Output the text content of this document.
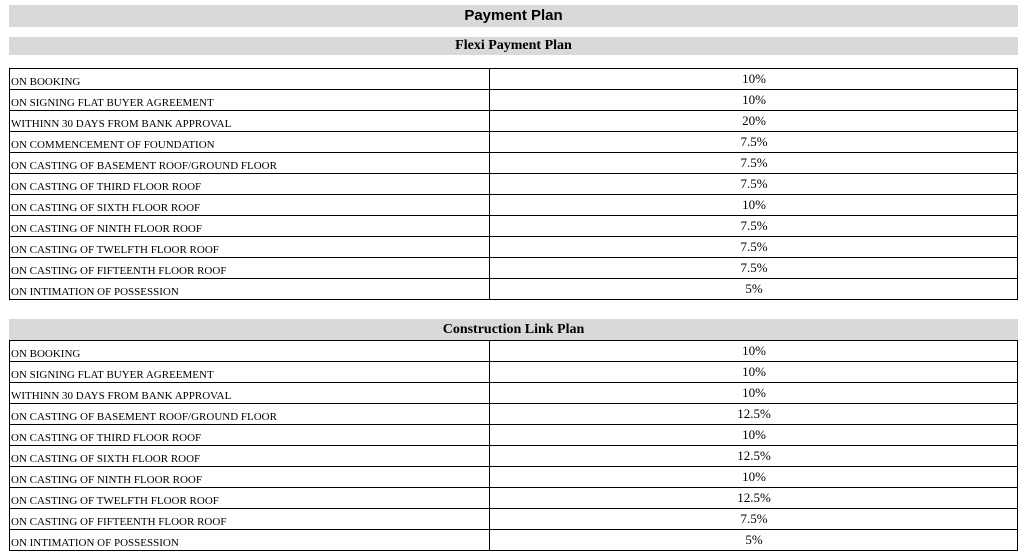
Payment Plan
Flexi Payment Plan
ON BOOKING	10%
ON SIGNING FLAT BUYER AGREEMENT	10%
WITHINN 30 DAYS FROM BANK APPROVAL	20%
ON COMMENCEMENT OF FOUNDATION	7.5%
ON CASTING OF BASEMENT ROOF/GROUND FLOOR	7.5%
ON CASTING OF THIRD FLOOR ROOF	7.5%
ON CASTING OF SIXTH FLOOR ROOF	10%
ON CASTING OF NINTH FLOOR ROOF	7.5%
ON CASTING OF TWELFTH FLOOR ROOF	7.5%
ON CASTING OF FIFTEENTH FLOOR ROOF	7.5%
ON INTIMATION OF POSSESSION	5%
Construction Link Plan
ON BOOKING	10%
ON SIGNING FLAT BUYER AGREEMENT	10%
WITHINN 30 DAYS FROM BANK APPROVAL	10%
ON CASTING OF BASEMENT ROOF/GROUND FLOOR	12.5%
ON CASTING OF THIRD FLOOR ROOF	10%
ON CASTING OF SIXTH FLOOR ROOF	12.5%
ON CASTING OF NINTH FLOOR ROOF	10%
ON CASTING OF TWELFTH FLOOR ROOF	12.5%
ON CASTING OF FIFTEENTH FLOOR ROOF	7.5%
ON INTIMATION OF POSSESSION	5%
